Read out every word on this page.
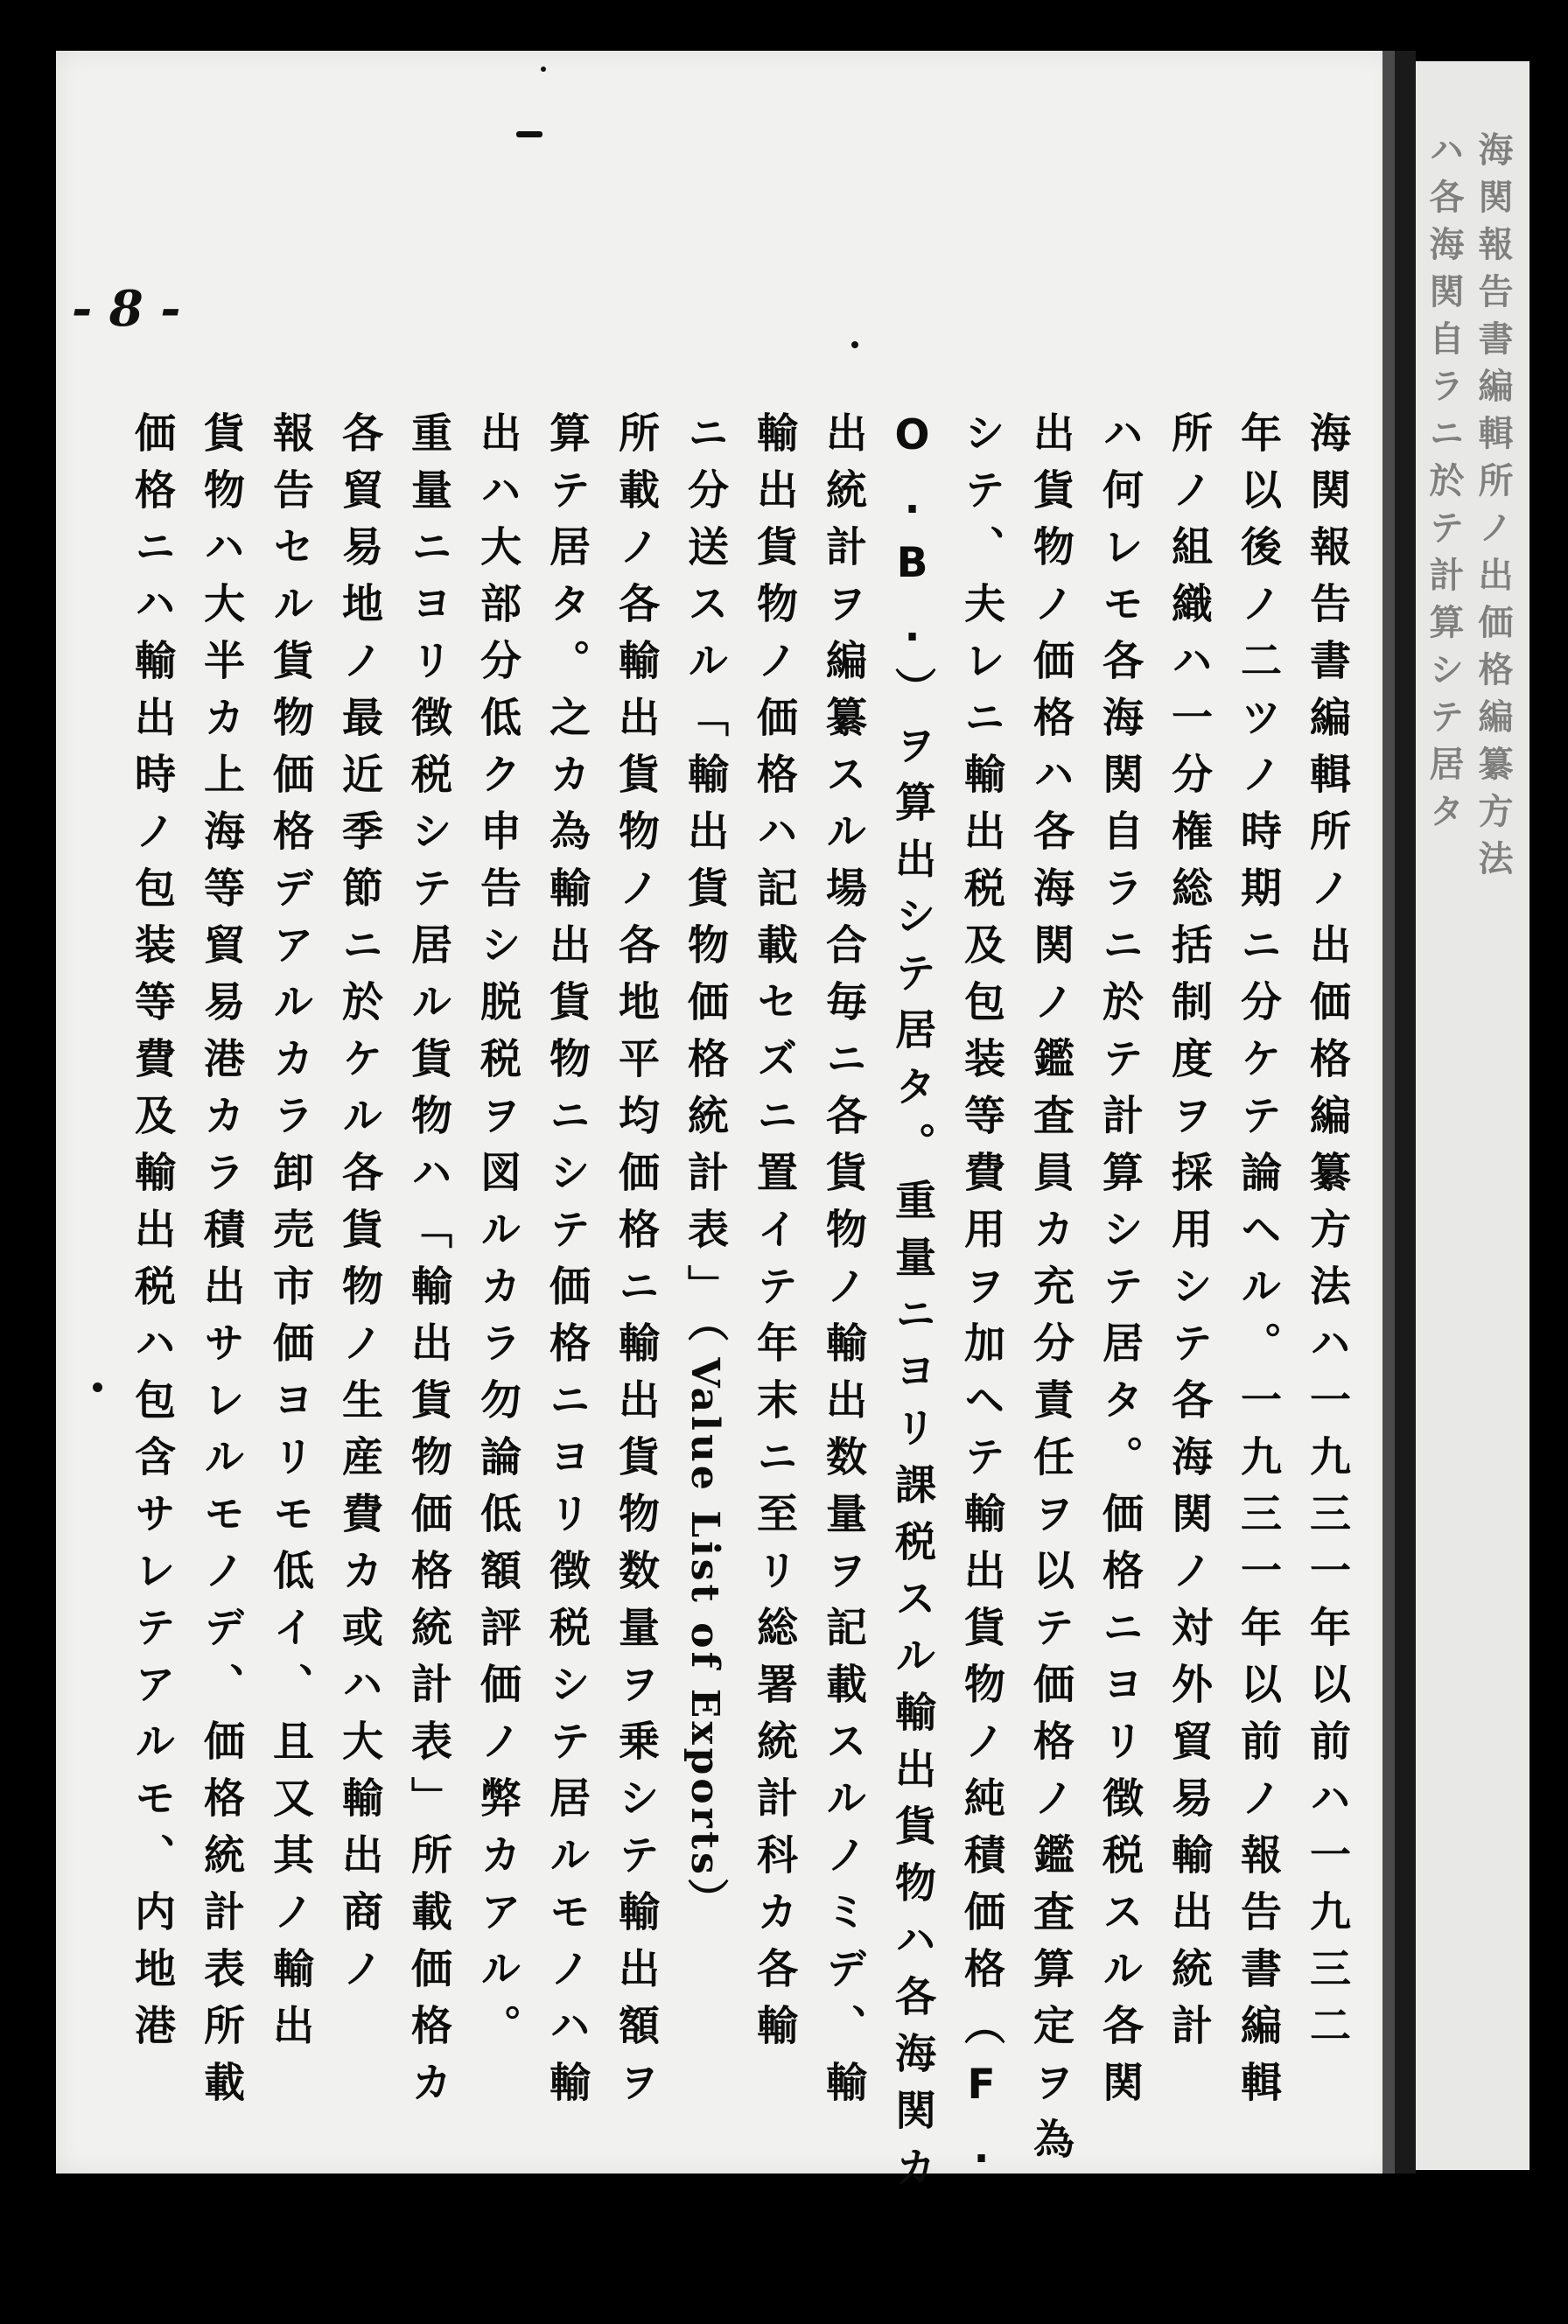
海関報告書編輯所ノ出価格編纂方法
ハ各海関自ラニ於テ計算シテ居タ
- 8 -
海関報告書編輯所ノ出価格編纂方法ハ一九三一年以前ハ一九三二
年以後ノ二ツノ時期ニ分ケテ論ヘル。一九三一年以前ノ報告書編輯
所ノ組織ハ一分権総括制度ヲ採用シテ各海関ノ対外貿易輸出統計
ハ何レモ各海関自ラニ於テ計算シテ居タ。価格ニヨリ徴税スル各関
出貨物ノ価格ハ各海関ノ鑑査員カ充分責任ヲ以テ価格ノ鑑査算定ヲ為
シテ、夫レニ輸出税及包装等費用ヲ加ヘテ輸出貨物ノ純積価格（F.
O.B.）ヲ算出シテ居タ。重量ニヨリ課税スル輸出貨物ハ各海関カ
出統計ヲ編纂スル場合毎ニ各貨物ノ輸出数量ヲ記載スルノミデ、輸
輸出貨物ノ価格ハ記載セズニ置イテ年末ニ至リ総署統計科カ各輸
ニ分送スル「輸出貨物価格統計表」（Value List of Exports）
所載ノ各輸出貨物ノ各地平均価格ニ輸出貨物数量ヲ乗シテ輸出額ヲ
算テ居タ。之カ為輸出貨物ニシテ価格ニヨリ徴税シテ居ルモノハ輸
出ハ大部分低ク申告シ脱税ヲ図ルカラ勿論低額評価ノ弊カアル。
重量ニヨリ徴税シテ居ル貨物ハ「輸出貨物価格統計表」所載価格カ
各貿易地ノ最近季節ニ於ケル各貨物ノ生産費カ或ハ大輸出商ノ
報告セル貨物価格デアルカラ卸売市価ヨリモ低イ、且又其ノ輸出
貨物ハ大半カ上海等貿易港カラ積出サレルモノデ、価格統計表所載
価格ニハ輸出時ノ包装等費及輸出税ハ包含サレテアルモ、内地港
